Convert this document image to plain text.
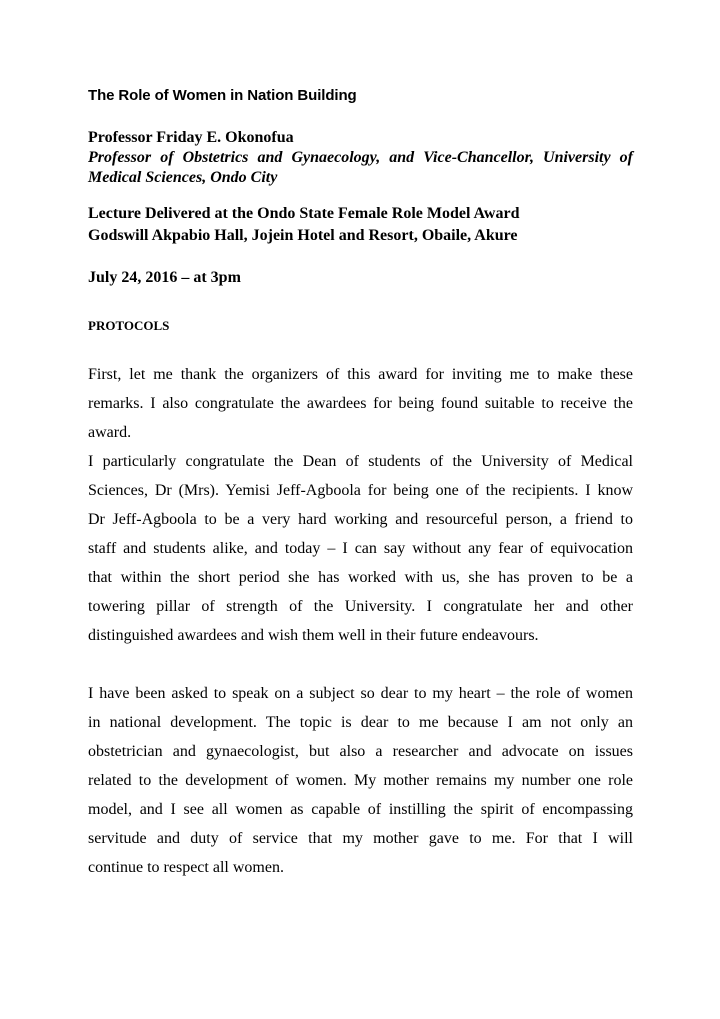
The Role of Women in Nation Building
Professor Friday E. Okonofua
Professor of Obstetrics and Gynaecology, and Vice-Chancellor, University of Medical Sciences, Ondo City
Lecture Delivered at the Ondo State Female Role Model Award
Godswill Akpabio Hall, Jojein Hotel and Resort, Obaile, Akure
July 24, 2016 – at 3pm
PROTOCOLS
First, let me thank the organizers of this award for inviting me to make these
remarks. I also congratulate the awardees for being found suitable to receive the
award.
I particularly congratulate the Dean of students of the University of Medical
Sciences, Dr (Mrs). Yemisi Jeff-Agboola for being one of the recipients. I know
Dr Jeff-Agboola to be a very hard working and resourceful person, a friend to
staff and students alike, and today – I can say without any fear of equivocation
that within the short period she has worked with us, she has proven to be a
towering pillar of strength of the University. I congratulate her and other
distinguished awardees and wish them well in their future endeavours.
I have been asked to speak on a subject so dear to my heart – the role of women
in national development. The topic is dear to me because I am not only an
obstetrician and gynaecologist, but also a researcher and advocate on issues
related to the development of women. My mother remains my number one role
model, and I see all women as capable of instilling the spirit of encompassing
servitude and duty of service that my mother gave to me. For that I will
continue to respect all women.
